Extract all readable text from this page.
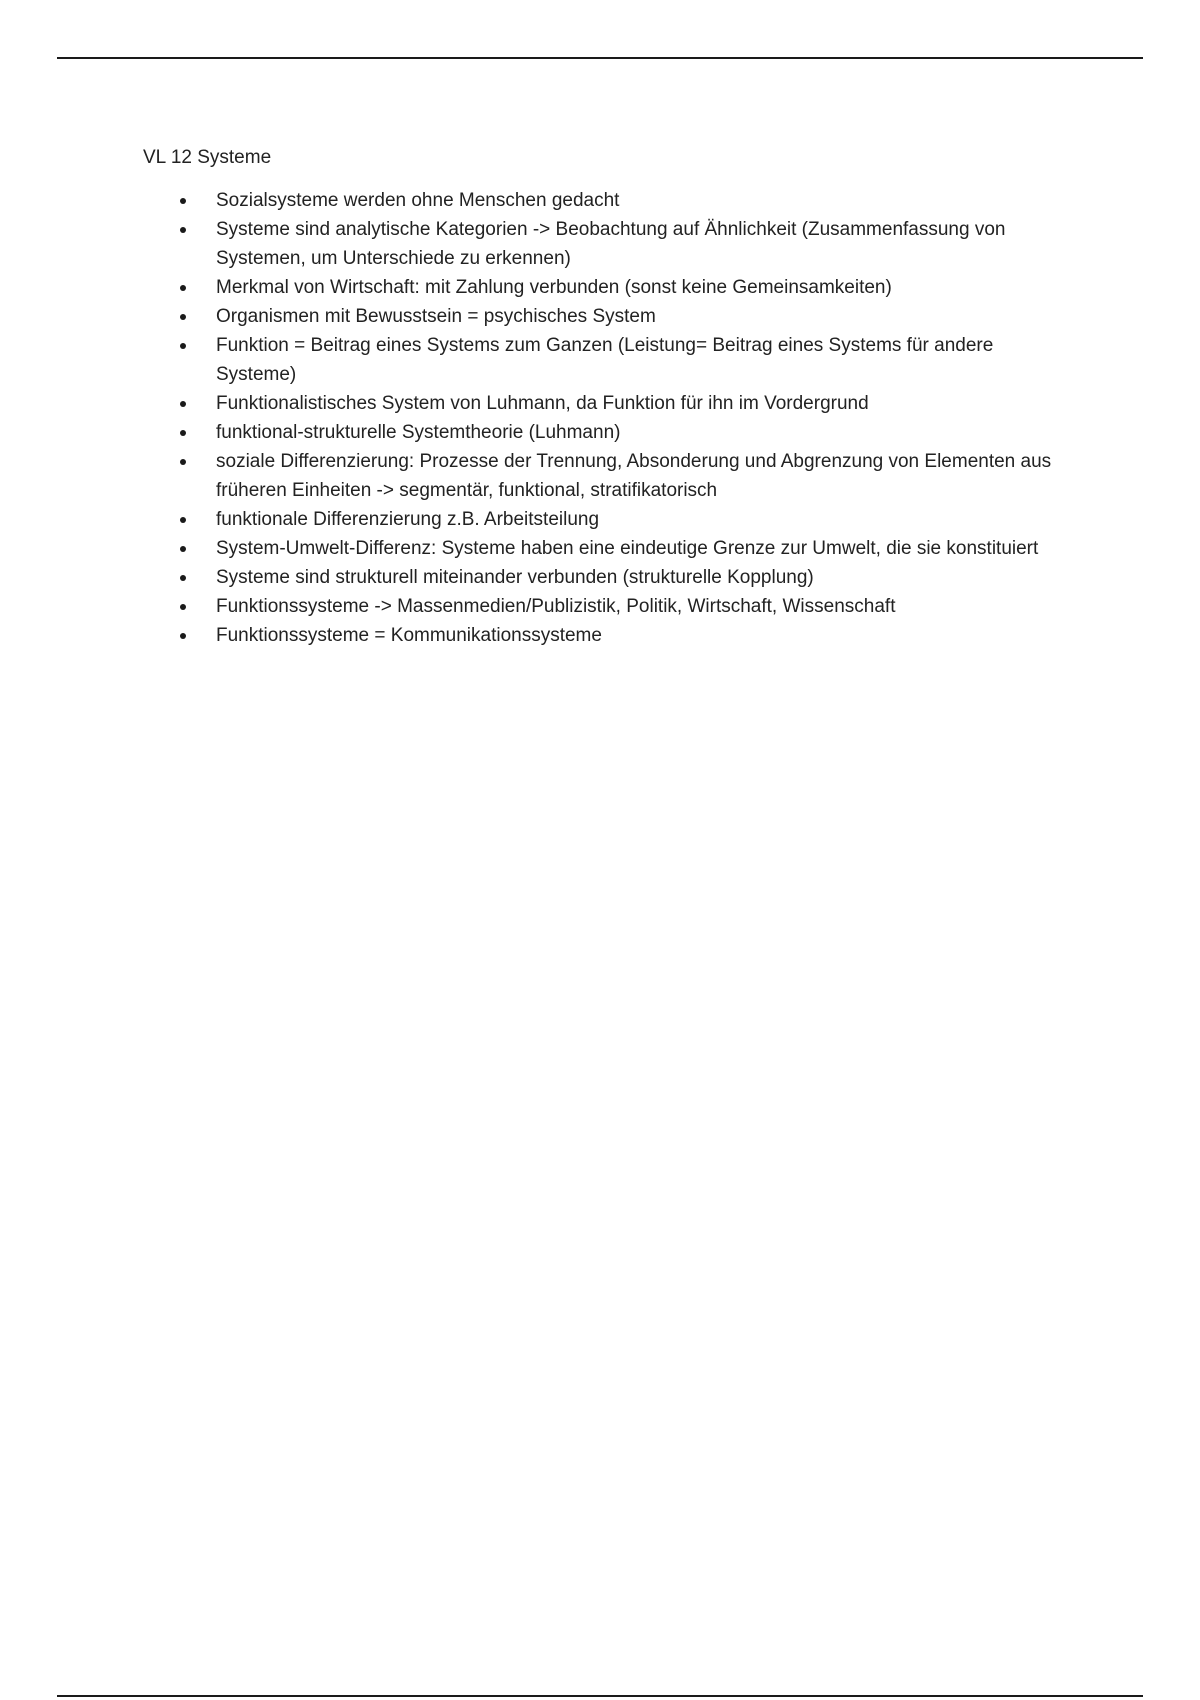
VL 12 Systeme
Sozialsysteme werden ohne Menschen gedacht
Systeme sind analytische Kategorien -> Beobachtung auf Ähnlichkeit (Zusammenfassung von Systemen, um Unterschiede zu erkennen)
Merkmal von Wirtschaft: mit Zahlung verbunden (sonst keine Gemeinsamkeiten)
Organismen mit Bewusstsein = psychisches System
Funktion = Beitrag eines Systems zum Ganzen (Leistung= Beitrag eines Systems für andere Systeme)
Funktionalistisches System von Luhmann, da Funktion für ihn im Vordergrund
funktional-strukturelle Systemtheorie (Luhmann)
soziale Differenzierung: Prozesse der Trennung, Absonderung und Abgrenzung von Elementen aus früheren Einheiten -> segmentär, funktional, stratifikatorisch
funktionale Differenzierung z.B. Arbeitsteilung
System-Umwelt-Differenz: Systeme haben eine eindeutige Grenze zur Umwelt, die sie konstituiert
Systeme sind strukturell miteinander verbunden (strukturelle Kopplung)
Funktionssysteme -> Massenmedien/Publizistik, Politik, Wirtschaft, Wissenschaft
Funktionssysteme = Kommunikationssysteme
